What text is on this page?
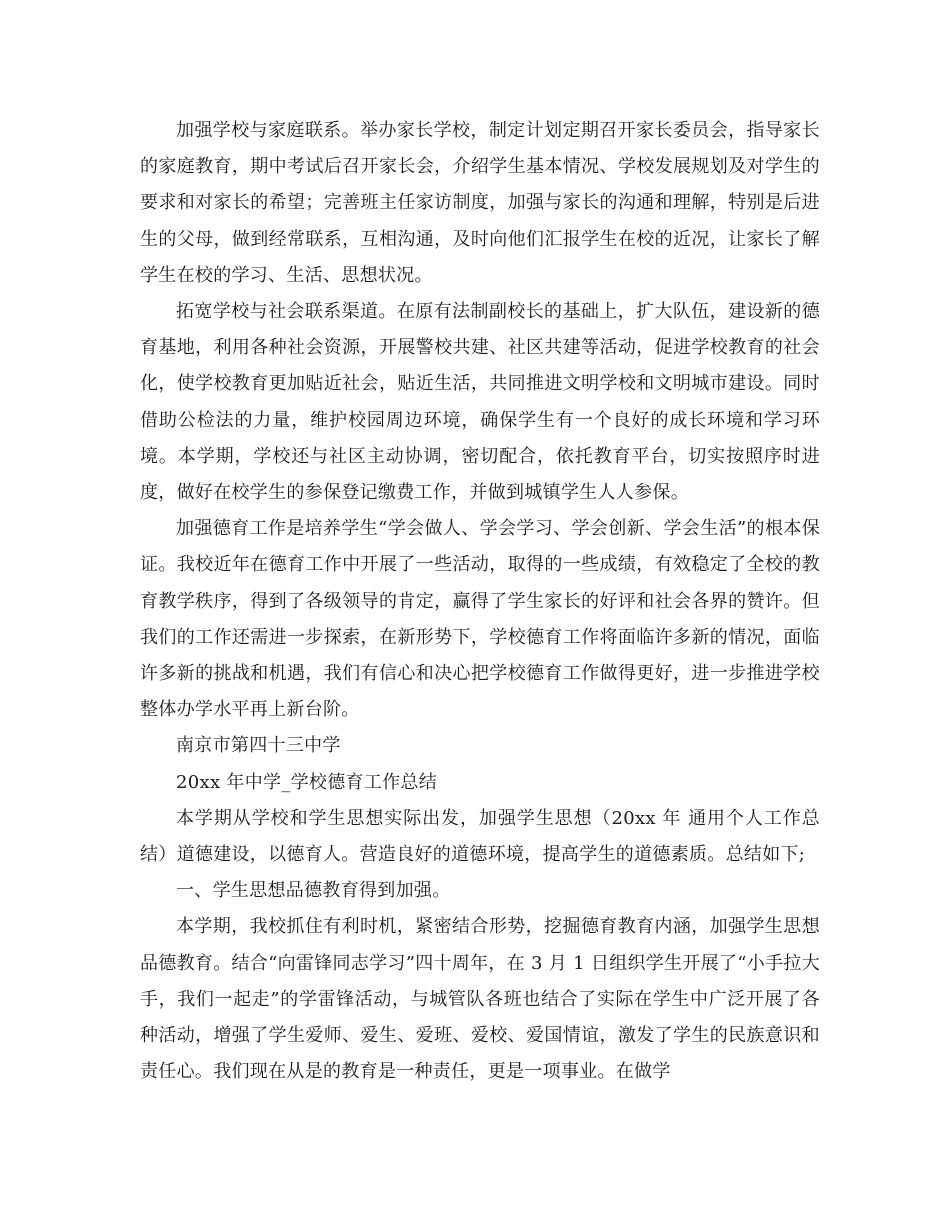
加强学校与家庭联系。举办家长学校，制定计划定期召开家长委员会，指导家长的家庭教育，期中考试后召开家长会，介绍学生基本情况、学校发展规划及对学生的要求和对家长的希望；完善班主任家访制度，加强与家长的沟通和理解，特别是后进生的父母，做到经常联系，互相沟通，及时向他们汇报学生在校的近况，让家长了解学生在校的学习、生活、思想状况。

拓宽学校与社会联系渠道。在原有法制副校长的基础上，扩大队伍，建设新的德育基地，利用各种社会资源，开展警校共建、社区共建等活动，促进学校教育的社会化，使学校教育更加贴近社会，贴近生活，共同推进文明学校和文明城市建设。同时借助公检法的力量，维护校园周边环境，确保学生有一个良好的成长环境和学习环境。本学期，学校还与社区主动协调，密切配合，依托教育平台，切实按照序时进度，做好在校学生的参保登记缴费工作，并做到城镇学生人人参保。

加强德育工作是培养学生“学会做人、学会学习、学会创新、学会生活”的根本保证。我校近年在德育工作中开展了一些活动，取得的一些成绩，有效稳定了全校的教育教学秩序，得到了各级领导的肯定，赢得了学生家长的好评和社会各界的赞许。但我们的工作还需进一步探索，在新形势下，学校德育工作将面临许多新的情况，面临许多新的挑战和机遇，我们有信心和决心把学校德育工作做得更好，进一步推进学校整体办学水平再上新台阶。

南京市第四十三中学

20xx 年中学_学校德育工作总结

本学期从学校和学生思想实际出发，加强学生思想（20xx 年 通用个人工作总结）道德建设，以德育人。营造良好的道德环境，提高学生的道德素质。总结如下;

一、学生思想品德教育得到加强。

本学期，我校抓住有利时机，紧密结合形势，挖掘德育教育内涵，加强学生思想品德教育。结合“向雷锋同志学习”四十周年，在 3 月 1 日组织学生开展了“小手拉大手，我们一起走”的学雷锋活动，与城管队各班也结合了实际在学生中广泛开展了各种活动，增强了学生爱师、爱生、爱班、爱校、爱国情谊，激发了学生的民族意识和责任心。我们现在从是的教育是一种责任，更是一项事业。在做学
